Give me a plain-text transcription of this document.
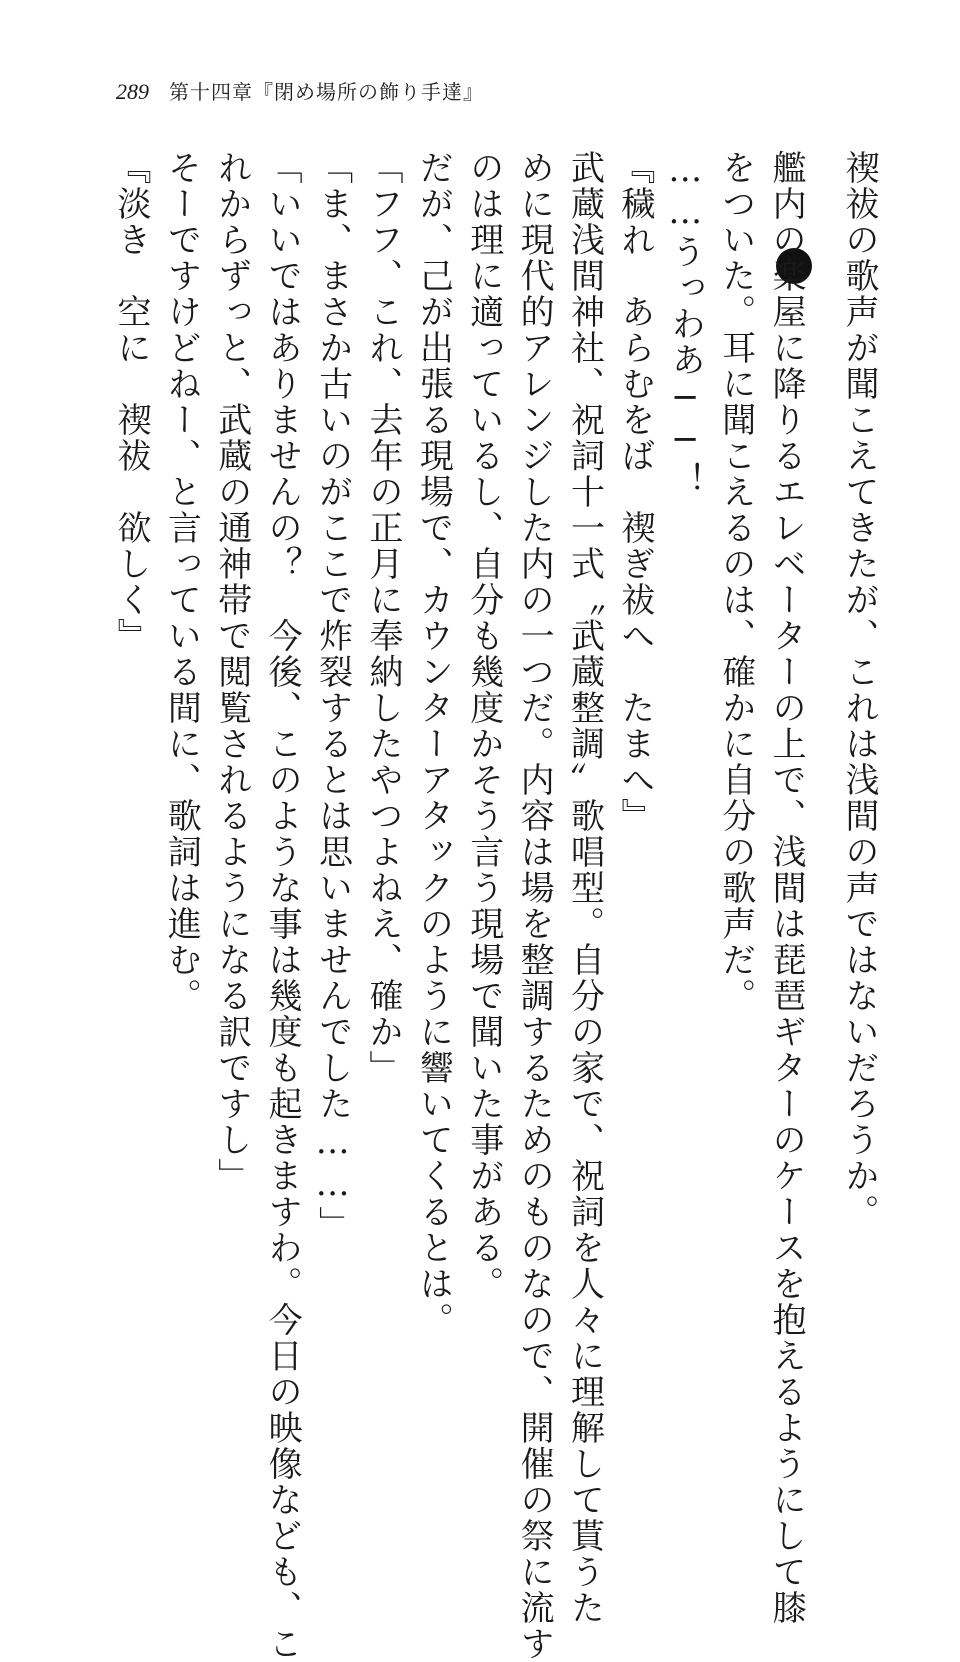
289 第十四章『閉め場所の飾り手達』
禊祓の歌声が聞こえてきたが、これは浅間の声ではないだろうか。
艦内の楽屋に降りるエレベーターの上で、浅間は琵琶ギターのケースを抱えるようにして膝
をついた。耳に聞こえるのは、確かに自分の歌声だ。
……うっわあ──！
『穢れ　あらむをば　禊ぎ祓へ　たまへ』
武蔵浅間神社、祝詞十一式〝武蔵整調〟歌唱型。自分の家で、祝詞を人々に理解して貰うた
めに現代的アレンジした内の一つだ。内容は場を整調するためのものなので、開催の祭に流す
のは理に適っているし、自分も幾度かそう言う現場で聞いた事がある。
だが、己が出張る現場で、カウンターアタックのように響いてくるとは。
「フフ、これ、去年の正月に奉納したやつよねえ、確か」
「ま、まさか古いのがここで炸裂するとは思いませんでした……」
「いいではありませんの？　今後、このような事は幾度も起きますわ。今日の映像なども、こ
れからずっと、武蔵の通神帯で閲覧されるようになる訳ですし」
そーですけどねー、と言っている間に、歌詞は進む。
『淡き　空に　禊祓　欲しく』
